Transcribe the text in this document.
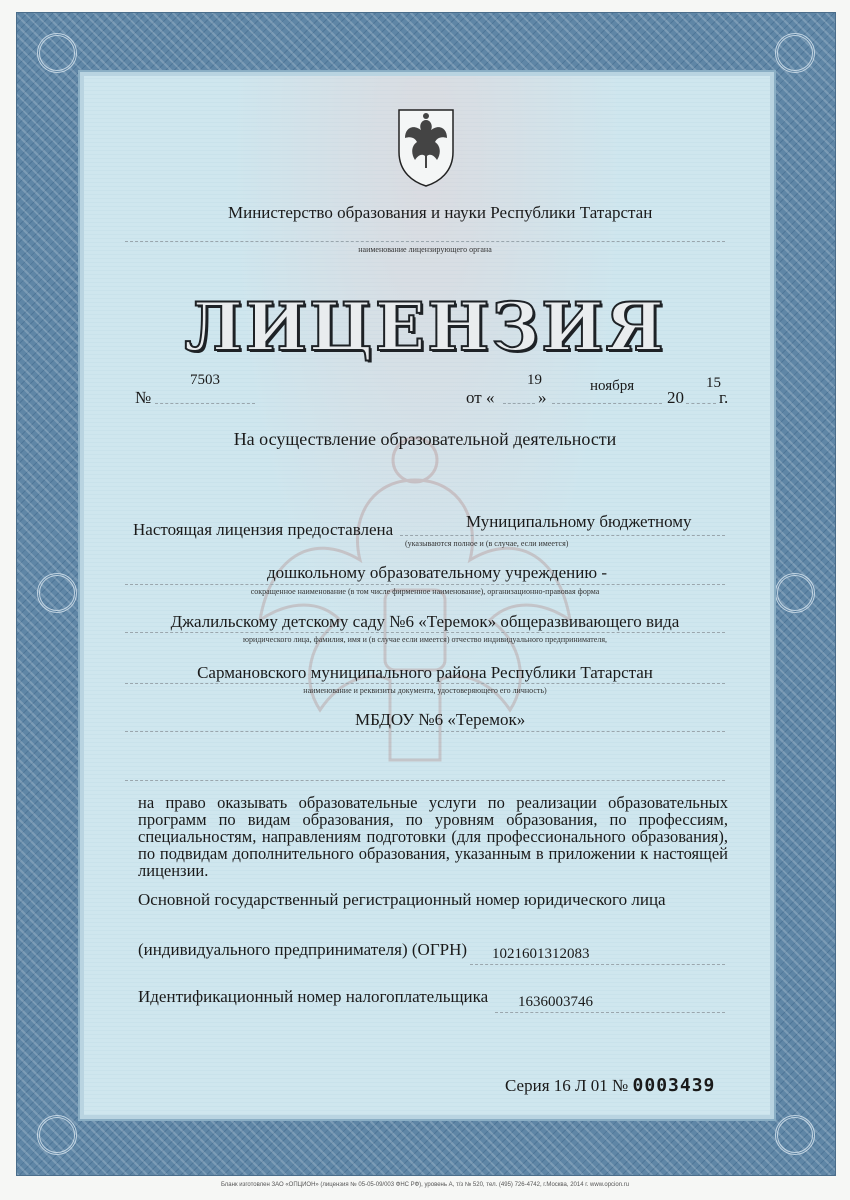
Министерство образования и науки Республики Татарстан
наименование лицензирующего органа
ЛИЦЕНЗИЯ
№
7503
от «
19
»
ноября
20
15
г.
На осуществление образовательной деятельности
Настоящая лицензия предоставлена	Муниципальному бюджетному
(указываются полное и (в случае, если имеется)
дошкольному образовательному учреждению -
сокращенное наименование (в том числе фирменное наименование), организационно-правовая форма
Джалильскому детскому саду №6 «Теремок» общеразвивающего вида
юридического лица, фамилия, имя и (в случае если имеется) отчество индивидуального предпринимателя,
Сармановского муниципального района Республики Татарстан
наименование и реквизиты документа, удостоверяющего его личность)
МБДОУ №6 «Теремок»
на право оказывать образовательные услуги по реализации образовательных программ по видам образования, по уровням образования, по профессиям, специальностям, направлениям подготовки (для профессионального образования), по подвидам дополнительного образования, указанным в приложении к настоящей лицензии.
Основной государственный регистрационный номер юридического лица
(индивидуального предпринимателя) (ОГРН) 1021601312083
Идентификационный номер налогоплательщика 1636003746
Серия 16 Л 01 № 0003439
Бланк изготовлен ЗАО «ОПЦИОН» (лицензия № 05-05-09/003 ФНС РФ), уровень А, т/з № 520, тел. (495) 726-4742, г.Москва, 2014 г. www.opcion.ru
